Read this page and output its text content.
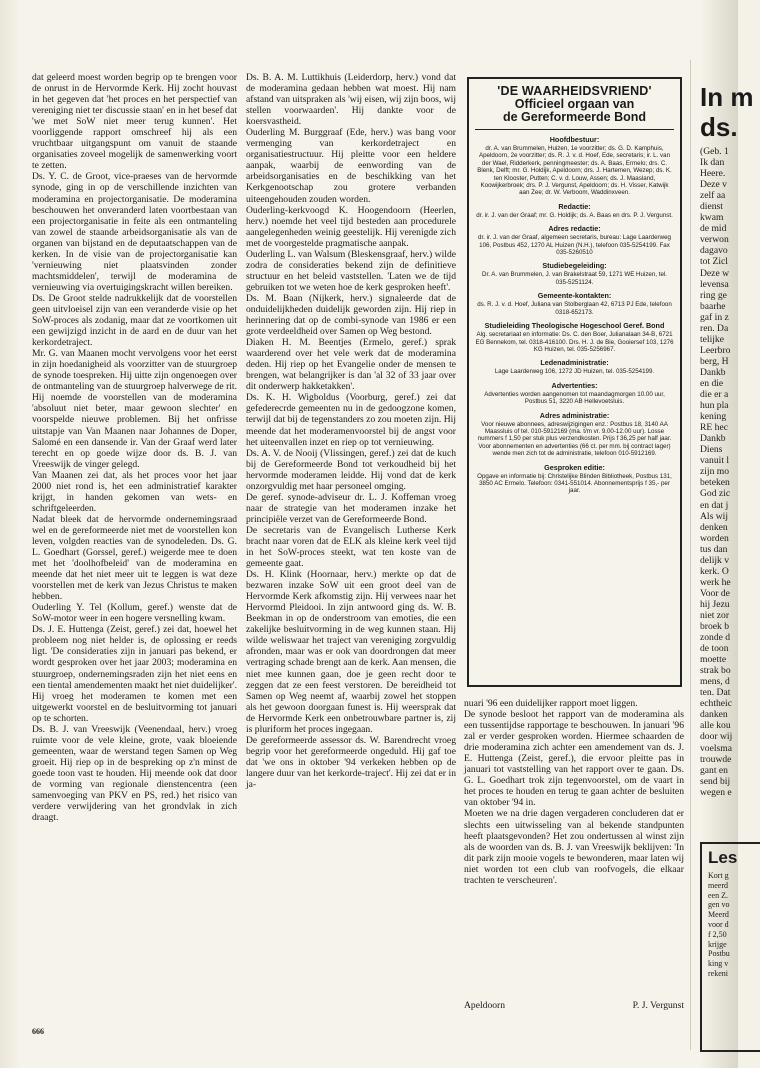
dat geleerd moest worden begrip op te brengen voor de onrust in de Hervormde Kerk. Hij zocht houvast in het gegeven dat 'het proces en het perspectief van vereniging niet ter discussie staan' en in het besef dat 'we met SoW niet meer terug kunnen'. Het voorliggende rapport omschreef hij als een vruchtbaar uitgangspunt om vanuit de staande organisaties zoveel mogelijk de samenwerking voort te zetten.

Ds. Y. C. de Groot, vice-praeses van de hervormde synode, ging in op de verschillende inzichten van moderamina en projectorganisatie. De moderamina beschouwen het onveranderd laten voortbestaan van een projectorganisatie in feite als een ontmanteling van zowel de staande arbeidsorganisatie als van de organen van bijstand en de deputaatschappen van de kerken. In de visie van de projectorganisatie kan 'vernieuwing niet plaatsvinden zonder machtsmiddelen', terwijl de moderamina de vernieuwing via overtuigingskracht willen bereiken.

Ds. De Groot stelde nadrukkelijk dat de voorstellen geen uitvloeisel zijn van een veranderde visie op het SoW-proces als zodanig, maar dat ze voortkomen uit een gewijzigd inzicht in de aard en de duur van het kerkordetraject.

Mr. G. van Maanen mocht vervolgens voor het eerst in zijn hoedanigheid als voorzitter van de stuurgroep de synode toespreken. Hij uitte zijn ongenoegen over de ontmanteling van de stuurgroep halverwege de rit. Hij noemde de voorstellen van de moderamina 'absoluut niet beter, maar gewoon slechter' en voorspelde nieuwe problemen. Bij het onfrisse uitstapje van Van Maanen naar Johannes de Doper, Salomé en een dansende ir. Van der Graaf werd later terecht en op goede wijze door ds. B. J. van Vreeswijk de vinger gelegd.

Van Maanen zei dat, als het proces voor het jaar 2000 niet rond is, het een administratief karakter krijgt, in handen gekomen van wets- en schriftgeleerden.

Nadat bleek dat de hervormde ondernemingsraad wel en de gereformeerde niet met de voorstellen kon leven, volgden reacties van de synodeleden. Ds. G. L. Goedhart (Gorssel, geref.) weigerde mee te doen met het 'doolhofbeleid' van de moderamina en meende dat het niet meer uit te leggen is wat deze voorstellen met de kerk van Jezus Christus te maken hebben.

Ouderling Y. Tel (Kollum, geref.) wenste dat de SoW-motor weer in een hogere versnelling kwam.

Ds. J. E. Huttenga (Zeist, geref.) zei dat, hoewel het probleem nog niet helder is, de oplossing er reeds ligt. 'De consideraties zijn in januari pas bekend, er wordt gesproken over het jaar 2003; moderamina en stuurgroep, ondernemingsraden zijn het niet eens en een tiental amendementen maakt het niet duidelijker'. Hij vroeg het moderamen te komen met een uitgewerkt voorstel en de besluitvorming tot januari op te schorten.

Ds. B. J. van Vreeswijk (Veenendaal, herv.) vroeg ruimte voor de vele kleine, grote, vaak bloeiende gemeenten, waar de werstand tegen Samen op Weg groeit. Hij riep op in de bespreking op z'n minst de goede toon vast te houden. Hij meende ook dat door de vorming van regionale dienstencentra (een samenvoeging van PKV en PS, red.) het risico van verdere verwijdering van het grondvlak in zich draagt.

Ds. B. A. M. Luttikhuis (Leiderdorp, herv.) vond dat de moderamina gedaan hebben wat moest. Hij nam afstand van uitspraken als 'wij eisen, wij zijn boos, wij stellen voorwaarden'. Hij dankte voor de koersvastheid.

Ouderling M. Burggraaf (Ede, herv.) was bang voor vermenging van kerkordetraject en organisatiestructuur. Hij pleitte voor een heldere aanpak, waarbij de eenwording van de arbeidsorganisaties en de beschikking van het Kerkgenootschap zou grotere verbanden uiteengehouden zouden worden.

Ouderling-kerkvoogd K. Hoogendoorn (Heerlen, herv.) noemde het veel tijd besteden aan procedurele aangelegenheden weinig geestelijk. Hij verenigde zich met de voorgestelde pragmatische aanpak.

Ouderling L. van Walsum (Bleskensgraaf, herv.) wilde zodra de consideraties bekend zijn de definitieve structuur en het beleid vaststellen. 'Laten we de tijd gebruiken tot we weten hoe de kerk gesproken heeft'.

Ds. M. Baan (Nijkerk, herv.) signaleerde dat de onduidelijkheden duidelijk geworden zijn. Hij riep in herinnering dat op de combi-synode van 1986 er een grote verdeeldheid over Samen op Weg bestond.

Diaken H. M. Beentjes (Ermelo, geref.) sprak waarderend over het vele werk dat de moderamina deden. Hij riep op het Evangelie onder de mensen te brengen, wat belangrijker is dan 'al 32 of 33 jaar over dit onderwerp hakketakken'.

Ds. K. H. Wigboldus (Voorburg, geref.) zei dat gefederecrde gemeenten nu in de gedoogzone komen, terwijl dat bij de tegenstanders zo zou moeten zijn. Hij meende dat het moderamenvoorstel bij de angst voor het uiteenvallen inzet en riep op tot vernieuwing.

Ds. A. V. de Nooij (Vlissingen, geref.) zei dat de kuch bij de Gereformeerde Bond tot verkoudheid bij het hervormde moderamen leidde. Hij vond dat de kerk onzorgvuldig met haar personeel omging.

De geref. synode-adviseur dr. L. J. Koffeman vroeg naar de strategie van het moderamen inzake het principiële verzet van de Gereformeerde Bond.

De secretaris van de Evangelisch Lutherse Kerk bracht naar voren dat de ELK als kleine kerk veel tijd in het SoW-proces steekt, wat ten koste van de gemeente gaat.

Ds. H. Klink (Hoornaar, herv.) merkte op dat de bezwaren inzake SoW uit een groot deel van de Hervormde Kerk afkomstig zijn. Hij verwees naar het Hervormd Pleidooi. In zijn antwoord ging ds. W. B. Beekman in op de onderstroom van emoties, die een zakelijke besluitvorming in de weg kunnen staan. Hij wilde weliswaar het traject van vereniging zorgvuldig afronden, maar was er ook van doordrongen dat meer vertraging schade brengt aan de kerk. Aan mensen, die niet mee kunnen gaan, doe je geen recht door te zeggen dat ze een feest verstoren. De bereidheid tot Samen op Weg neemt af, waarbij zowel het stoppen als het gewoon doorgaan funest is. Hij weersprak dat de Hervormde Kerk een onbetrouwbare partner is, zij is pluriform het proces ingegaan.

De gereformeerde assessor ds. W. Barendrecht vroeg begrip voor het gereformeerde ongeduld. Hij gaf toe dat 'we ons in oktober '94 verkeken hebben op de langere duur van het kerkorde-traject'. Hij zei dat er in ja-

'DE WAARHEIDSVRIEND'
Officieel orgaan van
de Gereformeerde Bond
Hoofdbestuur:

dr. A. van Brummelen, Huizen, 1e voorzitter; ds. G. D. Kamphuis, Apeldoorn, 2e voorzitter; ds. R. J. v. d. Hoef, Ede, secretaris; ir. L. van der Wael, Ridderkerk, penningmeester; ds. A. Baas, Ermelo; drs. C. Blenk, Delft; mr. G. Holdijk, Apeldoorn; drs. J. Hartemen, Wezep; ds. K. ten Klooster, Putten; C. v. d. Louw, Assen; ds. J. Maasland, Koowijkerbroek; drs. P. J. Vergunst, Apeldoorn; ds. H. Visser, Katwijk aan Zee; dr. W. Verboom, Waddinxveen.

Redactie:

dr. ir. J. van der Graaf; mr. G. Holdijk; ds. A. Baas en drs. P. J. Vergunst.

Adres redactie:

dr. ir. J. van der Graaf, algemeen secretaris, bureau: Lage Laarderweg 106, Postbus 452, 1270 AL Huizen (N.H.), telefoon 035-5254199. Fax 035-5260510

Studiebegeleiding:

Dr. A. van Brummelen, J. van Brakelstraat 59, 1271 WE Huizen, tel. 035-5251124.

Gemeente-kontakten:

ds. R. J. v. d. Hoef, Juliana van Stolberglaan 42, 6713 PJ Ede, telefoon 0318-652173.

Studieleiding Theologische Hogeschool Geref. Bond

Alg. secretariaat en informatie: Ds. C. den Boer, Julianalaan 34-B, 6721 EG Bennekom, tel. 0318-416100. Drs. H. J. de Bie, Gooiersef 103, 1276 KG Huizen, tel. 035-5256967.

Ledenadministratie:

Lage Laarderweg 106, 1272 JD Huizen, tel. 035-5254199.

Advertenties:

Advertenties worden aangenomen tot maandagmorgen 10.00 uur, Postbus 51, 3220 AB Hellevoetsluis.

Adres administratie:

Voor nieuwe abonnees, adreswijzigingen enz.: Postbus 18, 3140 AA Maassluis of tel. 010-5912169 (ma. t/m vr. 9.00-12.00 uur). Losse nummers f 1,50 per stuk plus verzendkosten. Prijs f 36,25 per half jaar. Voor abonnementen en advertenties (66 ct. per mm. bij contract lager) wende men zich tot de administratie, telefoon 010-5912169.

Gesproken editie:

Opgave en informatie bij: Christelijke Blinden Bibliotheek, Postbus 131, 3850 AC Ermelo. Telefoon: 0341-551014. Abonnementsprijs f 35,- per jaar.

nuari '96 een duidelijker rapport moet liggen.

De synode besloot het rapport van de moderamina als een tussentijdse rapportage te beschouwen. In januari '96 zal er verder gesproken worden. Hiermee schaarden de drie moderamina zich achter een amendement van ds. J. E. Huttenga (Zeist, geref.), die ervoor pleitte pas in januari tot vaststelling van het rapport over te gaan. Ds. G. L. Goedhart trok zijn tegenvoorstel, om de vaart in het proces te houden en terug te gaan achter de besluiten van oktober '94 in.

Moeten we na drie dagen vergaderen concluderen dat er slechts een uitwisseling van al bekende standpunten heeft plaatsgevonden? Het zou ondertussen al winst zijn als de woorden van ds. B. J. van Vreeswijk beklijven: 'In dit park zijn mooie vogels te bewonderen, maar laten wij niet worden tot een club van roofvogels, die elkaar trachten te verscheuren'.

Apeldoorn	P. J. Vergunst
666
In m
ds.
(Geb. 1
Ik dan
Heere.
Deze v
zelf aa
dienst
kwam
de mid
verwon
dagavo
tot Zicl
Deze w
levensa
ring ge
baarhe
gaf in z
ren. Da
telijke
Leerbro
berg, H
Dankb
en die
die er a
hun pla
kening
RE hec
Dankb
Diens
vanuit l
zijn mo
beteken
God zic
en dat j
Als wij
denken
worden
tus dan
delijk v
kerk. O
werk he
Voor de
hij Jezu
niet zor
broek b
zonde d
de toon
moette
strak bo
mens, d
ten. Dat
echtheic
danken
alle kou
door wij
voelsma
trouwde
gant en
send bij
wegen e
Les
Kort g
meerd
een Z.
gen vo
Meerd
voor d
f 2,50
krijge
Postbu
king v
rekeni
